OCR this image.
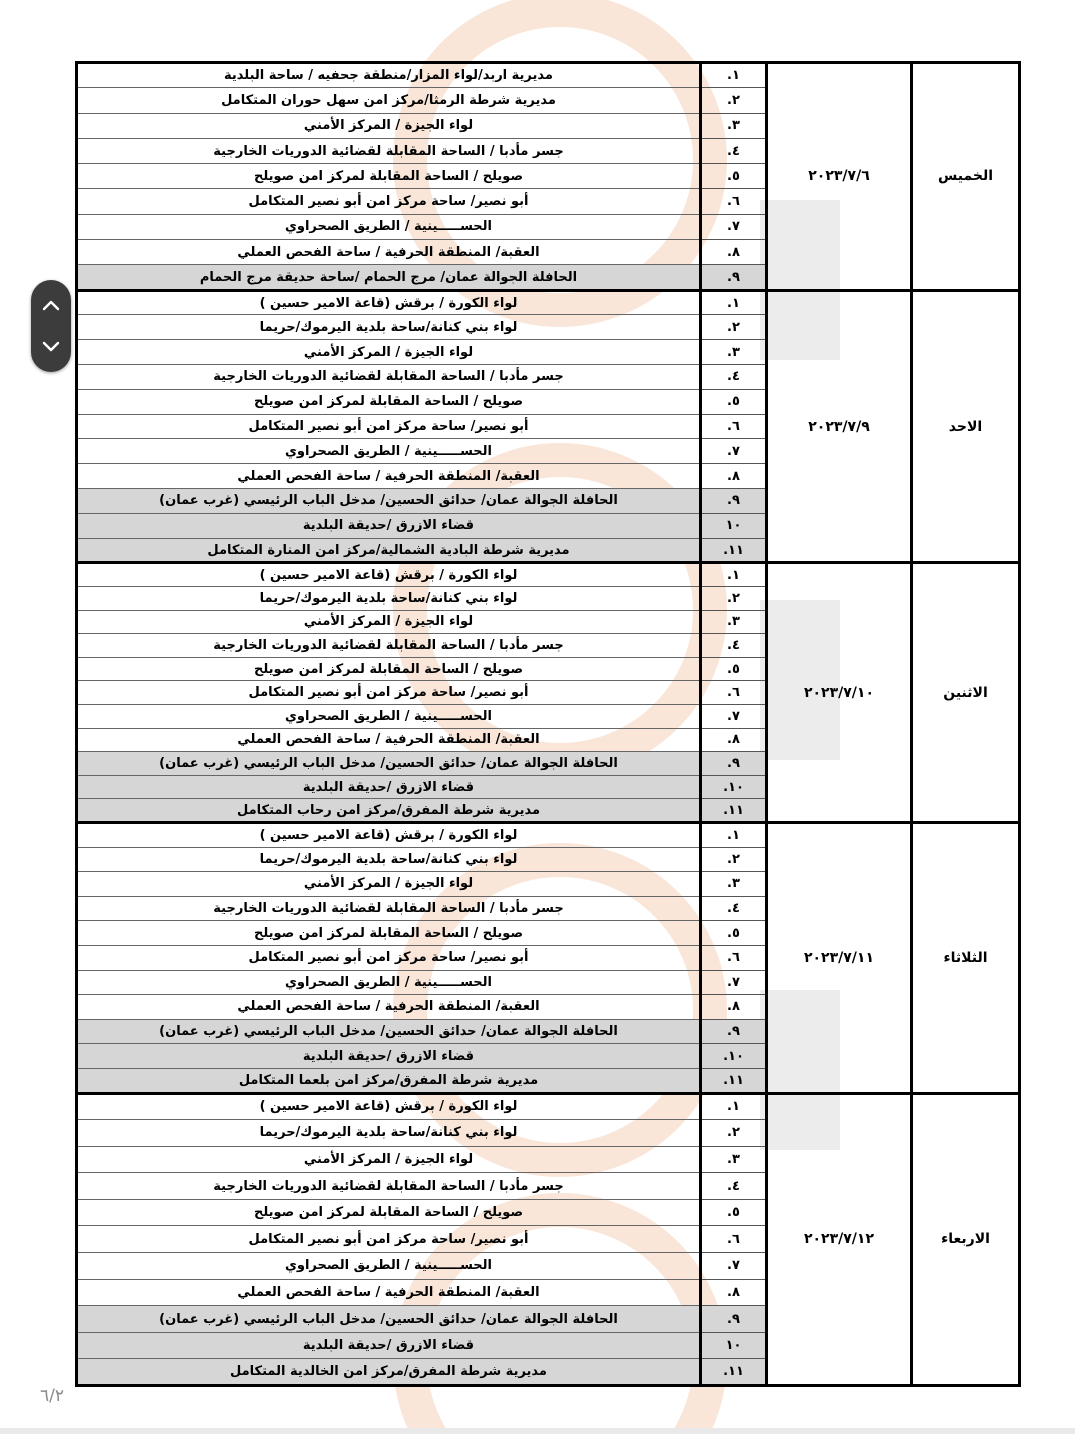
مديرية اربد/لواء المزار/منطقة جحفيه / ساحة البلدية	١.	٢٠٢٣/٧/٦	الخميس
مديرية شرطة الرمثا/مركز امن سهل حوران المتكامل	٢.		
لواء الجيزة / المركز الأمني	٣.		
جسر مأدبا / الساحة المقابلة لقضائية الدوريات الخارجية	٤.		
صويلح / الساحة المقابلة لمركز امن صويلح	٥.		
أبو نصير/ ساحة مركز امن أبو نصير المتكامل	٦.		
الحســـــينية / الطريق الصحراوي	٧.		
العقبة/ المنطقة الحرفية / ساحة الفحص العملي	٨.		
الحافلة الجوالة عمان/ مرج الحمام /ساحة حديقة مرج الحمام	٩.		
لواء الكورة / برقش (قاعة الامير حسين )	١.	٢٠٢٣/٧/٩	الاحد
لواء بني كنانة/ساحة بلدية اليرموك/حريما	٢.		
لواء الجيزة / المركز الأمني	٣.		
جسر مأدبا / الساحة المقابلة لقضائية الدوريات الخارجية	٤.		
صويلح / الساحة المقابلة لمركز امن صويلح	٥.		
أبو نصير/ ساحة مركز امن أبو نصير المتكامل	٦.		
الحســـــينية / الطريق الصحراوي	٧.		
العقبة/ المنطقة الحرفية / ساحة الفحص العملي	٨.		
الحافلة الجوالة عمان/ حدائق الحسين/ مدخل الباب الرئيسي (غرب عمان)	٩.		
قضاء الازرق /حديقة البلدية	١٠		
مديرية شرطة البادية الشمالية/مركز امن المنارة المتكامل	١١.		
لواء الكورة / برقش (قاعة الامير حسين )	١.	٢٠٢٣/٧/١٠	الاثنين
لواء بني كنانة/ساحة بلدية اليرموك/حريما	٢.		
لواء الجيزة / المركز الأمني	٣.		
جسر مأدبا / الساحة المقابلة لقضائية الدوريات الخارجية	٤.		
صويلح / الساحة المقابلة لمركز امن صويلح	٥.		
أبو نصير/ ساحة مركز امن أبو نصير المتكامل	٦.		
الحســـــينية / الطريق الصحراوي	٧.		
العقبة/ المنطقة الحرفية / ساحة الفحص العملي	٨.		
الحافلة الجوالة عمان/ حدائق الحسين/ مدخل الباب الرئيسي (غرب عمان)	٩.		
قضاء الازرق /حديقة البلدية	١٠.		
مديرية شرطة المفرق/مركز امن رحاب المتكامل	١١.		
لواء الكورة / برقش (قاعة الامير حسين )	١.	٢٠٢٣/٧/١١	الثلاثاء
لواء بني كنانة/ساحة بلدية اليرموك/حريما	٢.		
لواء الجيزة / المركز الأمني	٣.		
جسر مأدبا / الساحة المقابلة لقضائية الدوريات الخارجية	٤.		
صويلح / الساحة المقابلة لمركز امن صويلح	٥.		
أبو نصير/ ساحة مركز امن أبو نصير المتكامل	٦.		
الحســـــينية / الطريق الصحراوي	٧.		
العقبة/ المنطقة الحرفية / ساحة الفحص العملي	٨.		
الحافلة الجوالة عمان/ حدائق الحسين/ مدخل الباب الرئيسي (غرب عمان)	٩.		
قضاء الازرق /حديقة البلدية	١٠.		
مديرية شرطة المفرق/مركز امن بلعما المتكامل	١١.		
لواء الكورة / برقش (قاعة الامير حسين )	١.	٢٠٢٣/٧/١٢	الاربعاء
لواء بني كنانة/ساحة بلدية اليرموك/حريما	٢.		
لواء الجيزة / المركز الأمني	٣.		
جسر مأدبا / الساحة المقابلة لقضائية الدوريات الخارجية	٤.		
صويلح / الساحة المقابلة لمركز امن صويلح	٥.		
أبو نصير/ ساحة مركز امن أبو نصير المتكامل	٦.		
الحســـــينية / الطريق الصحراوي	٧.		
العقبة/ المنطقة الحرفية / ساحة الفحص العملي	٨.		
الحافلة الجوالة عمان/ حدائق الحسين/ مدخل الباب الرئيسي (غرب عمان)	٩.		
قضاء الازرق /حديقة البلدية	١٠		
مديرية شرطة المفرق/مركز امن الخالدية المتكامل	١١.		
٦/٢
